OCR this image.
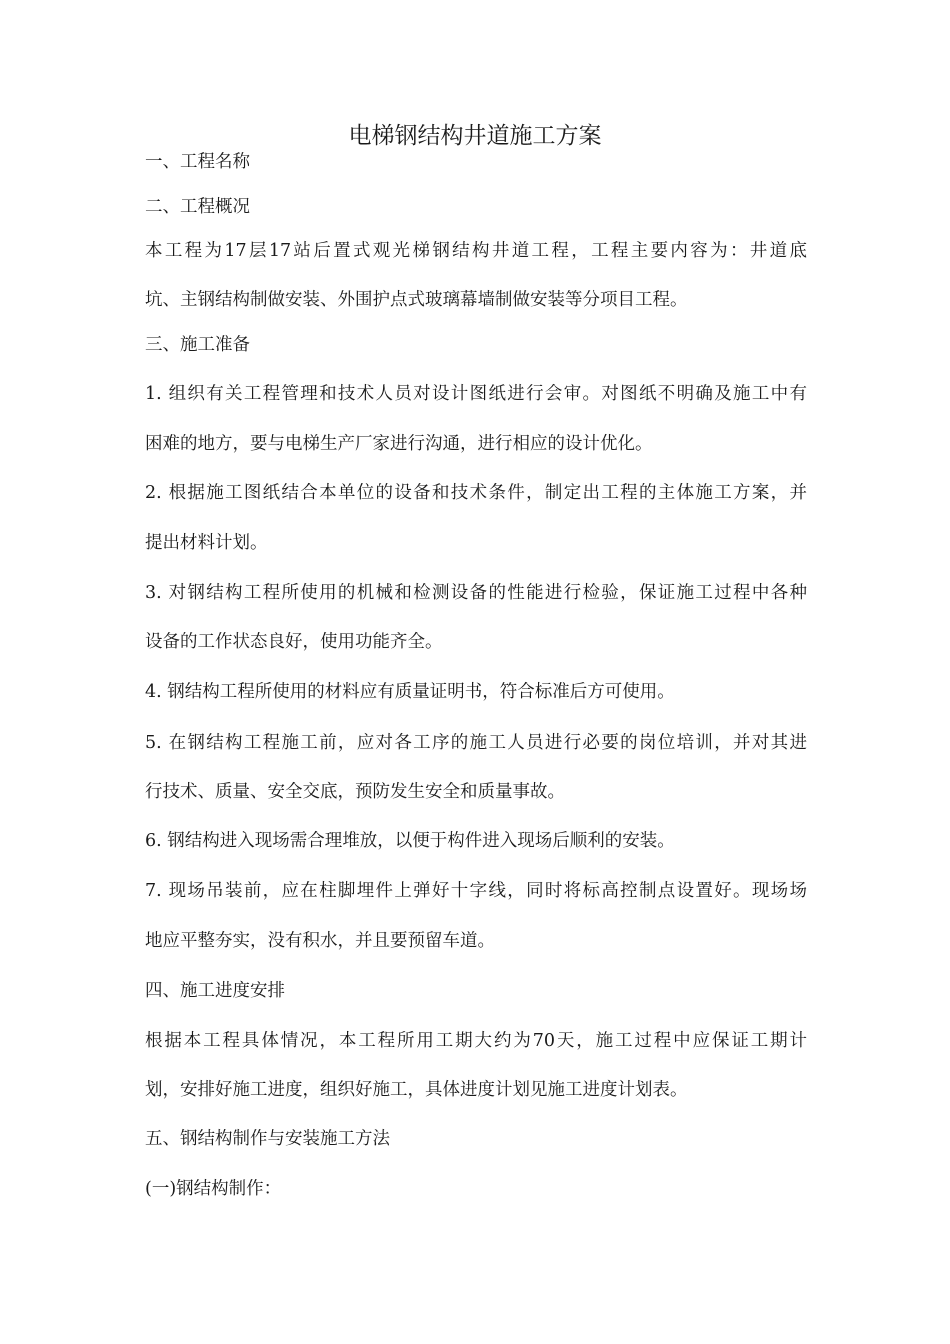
电梯钢结构井道施工方案
一、工程名称
二、工程概况
本工程为17层17站后置式观光梯钢结构井道工程，工程主要内容为：井道底
坑、主钢结构制做安装、外围护点式玻璃幕墙制做安装等分项目工程。
三、施工准备
1. 组织有关工程管理和技术人员对设计图纸进行会审。对图纸不明确及施工中有
困难的地方，要与电梯生产厂家进行沟通，进行相应的设计优化。
2. 根据施工图纸结合本单位的设备和技术条件，制定出工程的主体施工方案，并
提出材料计划。
3. 对钢结构工程所使用的机械和检测设备的性能进行检验，保证施工过程中各种
设备的工作状态良好，使用功能齐全。
4. 钢结构工程所使用的材料应有质量证明书，符合标准后方可使用。
5. 在钢结构工程施工前，应对各工序的施工人员进行必要的岗位培训，并对其进
行技术、质量、安全交底，预防发生安全和质量事故。
6. 钢结构进入现场需合理堆放，以便于构件进入现场后顺利的安装。
7. 现场吊装前，应在柱脚埋件上弹好十字线，同时将标高控制点设置好。现场场
地应平整夯实，没有积水，并且要预留车道。
四、施工进度安排
根据本工程具体情况，本工程所用工期大约为70天，施工过程中应保证工期计
划，安排好施工进度，组织好施工，具体进度计划见施工进度计划表。
五、钢结构制作与安装施工方法
(一)钢结构制作：
